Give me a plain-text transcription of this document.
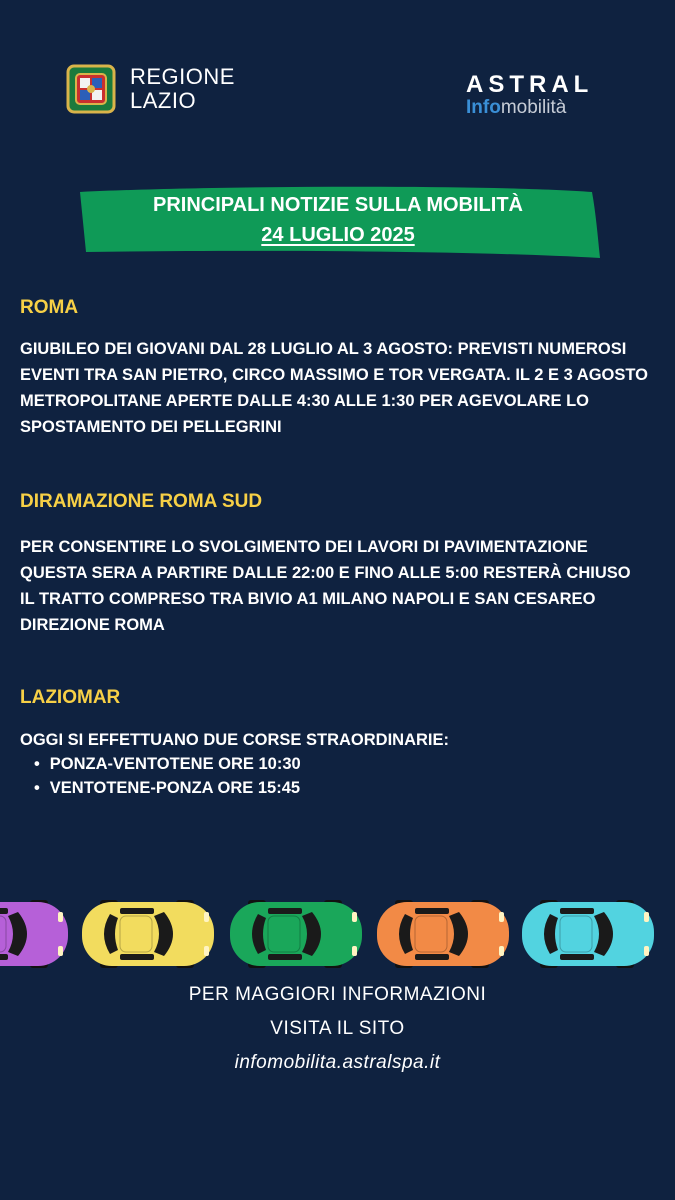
REGIONE
LAZIO
ASTRAL
Infomobilità
PRINCIPALI NOTIZIE SULLA MOBILITÀ
24 LUGLIO 2025
ROMA
GIUBILEO DEI GIOVANI DAL 28 LUGLIO AL 3 AGOSTO: PREVISTI NUMEROSI EVENTI TRA SAN PIETRO, CIRCO MASSIMO E TOR VERGATA. IL 2 E 3 AGOSTO METROPOLITANE APERTE DALLE 4:30 ALLE 1:30 PER AGEVOLARE LO SPOSTAMENTO DEI PELLEGRINI
DIRAMAZIONE ROMA SUD
PER CONSENTIRE LO SVOLGIMENTO DEI LAVORI DI PAVIMENTAZIONE QUESTA SERA A PARTIRE DALLE 22:00 E FINO ALLE 5:00 RESTERÀ CHIUSO IL TRATTO COMPRESO TRA BIVIO A1 MILANO NAPOLI E SAN CESAREO DIREZIONE ROMA
LAZIOMAR
OGGI SI EFFETTUANO DUE CORSE STRAORDINARIE:
• PONZA-VENTOTENE ORE 10:30
• VENTOTENE-PONZA ORE 15:45
PER MAGGIORI INFORMAZIONI
VISITA IL SITO
infomobilita.astralspa.it
